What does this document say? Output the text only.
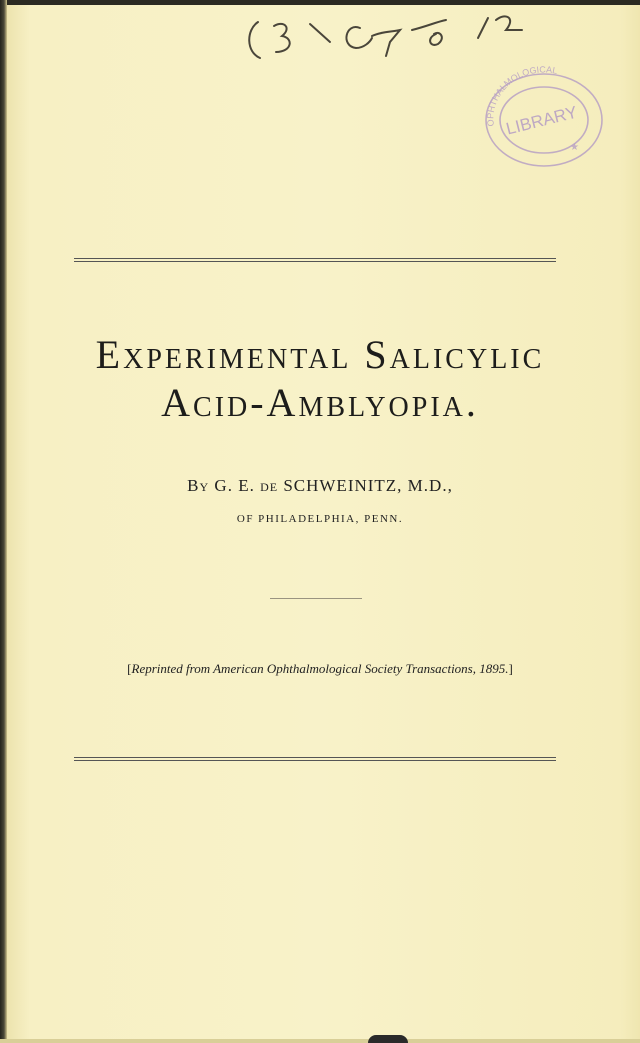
OPHTHALMOLOGICAL
LIBRARY
★
Experimental Salicylic
Acid-Amblyopia.
By G. E. de SCHWEINITZ, M.D.,
OF PHILADELPHIA, PENN.
[Reprinted from American Ophthalmological Society Transactions, 1895.]
